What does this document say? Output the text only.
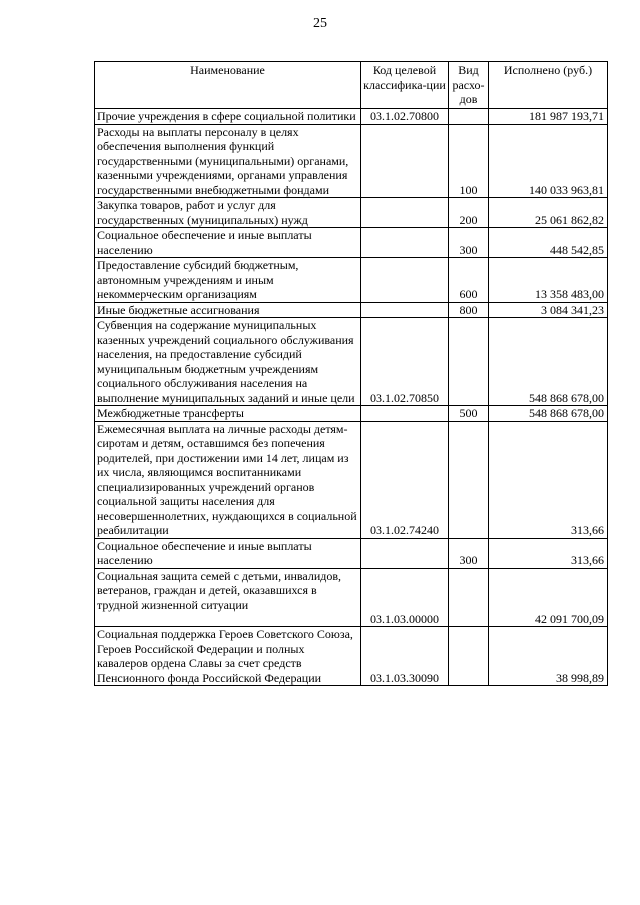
25
Наименование	Код целевой классифика-ции	Вид расхо-дов	Исполнено (руб.)
Прочие учреждения в сфере социальной политики	03.1.02.70800		181 987 193,71
Расходы на выплаты персоналу в целях обеспечения выполнения функций государственными (муниципальными) органами, казенными учреждениями, органами управления государственными внебюджетными фондами		100	140 033 963,81
Закупка товаров, работ и услуг для государственных (муниципальных) нужд		200	25 061 862,82
Социальное обеспечение и иные выплаты населению		300	448 542,85
Предоставление субсидий бюджетным, автономным учреждениям и иным некоммерческим организациям		600	13 358 483,00
Иные бюджетные ассигнования		800	3 084 341,23
Субвенция на содержание муниципальных казенных учреждений социального обслуживания населения, на предоставление субсидий муниципальным бюджетным учреждениям социального обслуживания населения на выполнение муниципальных заданий и иные цели	03.1.02.70850		548 868 678,00
Межбюджетные трансферты		500	548 868 678,00
Ежемесячная выплата на личные расходы детям-сиротам и детям, оставшимся без попечения родителей, при достижении ими 14 лет, лицам из их числа, являющимся воспитанниками специализированных учреждений органов социальной защиты населения для несовершеннолетних, нуждающихся в социальной реабилитации	03.1.02.74240		313,66
Социальное обеспечение и иные выплаты населению		300	313,66
Социальная защита семей с детьми, инвалидов, ветеранов, граждан и детей, оказавшихся в трудной жизненной ситуации	03.1.03.00000		42 091 700,09
Социальная поддержка Героев Советского Союза, Героев Российской Федерации и полных кавалеров ордена Славы за счет средств Пенсионного фонда Российской Федерации	03.1.03.30090		38 998,89
